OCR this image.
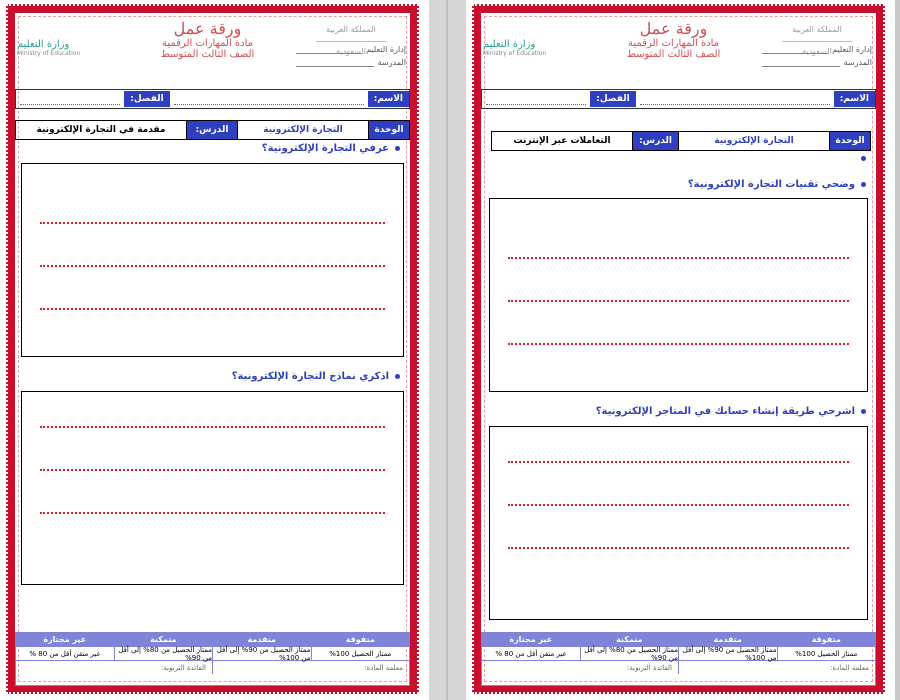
المملكة العربية السعودية إدارة التعليم
المدرسة
ورقة عمل
مادة المهارات الرقمية
الصف الثالث المتوسط
وزارة التعليم
Ministry of Education
الاسم:
الفصل:
الوحدة
التجارة الإلكترونية
الدرس:
مقدمة في التجارة الإلكترونية
عرفي التجارة الإلكترونية؟
اذكري نماذج التجارة الإلكترونية؟
متفوقة
متقدمة
متمكنة
غير مجتازة
ممتاز الحصيل 100%
ممتاز الحصيل من 90% إلى أقل من 100%
ممتاز الحصيل من 80% إلى أقل من 90%
غير متقن أقل من 80 %
معلمة المادة:
القائدة التربوية:
المملكة العربية السعودية إدارة التعليم
المدرسة
ورقة عمل
مادة المهارات الرقمية
الصف الثالث المتوسط
وزارة التعليم
Ministry of Education
الاسم:
الفصل:
الوحدة
التجارة الإلكترونية
الدرس:
التعاملات عبر الإنترنت
وضحي تقنيات التجارة الإلكترونية؟
اشرحي طريقة إنشاء حسابك في المتاجر الإلكترونية؟
متفوقة
متقدمة
متمكنة
غير مجتازة
ممتاز الحصيل 100%
ممتاز الحصيل من 90% إلى أقل من 100%
ممتاز الحصيل من 80% إلى أقل من 90%
غير متقن أقل من 80 %
معلمة المادة:
القائدة التربوية:
